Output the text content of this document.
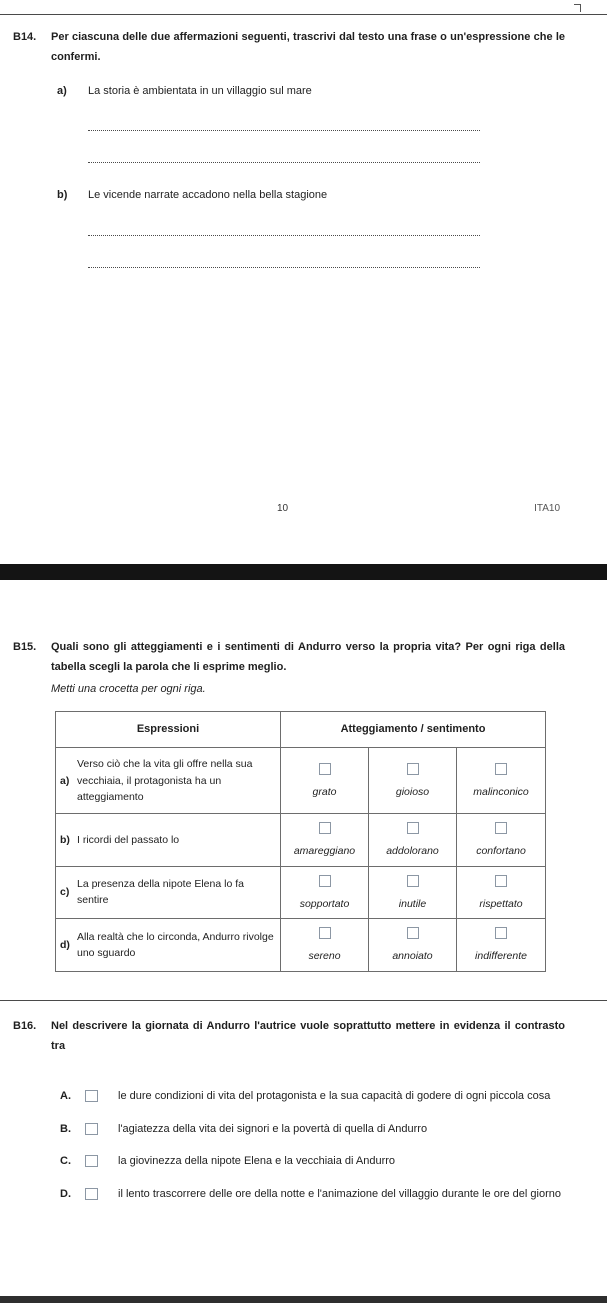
B14.	Per ciascuna delle due affermazioni seguenti, trascrivi dal testo una frase o un'espressione che le confermi.
a)	La storia è ambientata in un villaggio sul mare
b)	Le vicende narrate accadono nella bella stagione
10	ITA10
B15.	Quali sono gli atteggiamenti e i sentimenti di Andurro verso la propria vita? Per ogni riga della tabella scegli la parola che li esprime meglio.
Metti una crocetta per ogni riga.
Espressioni	Atteggiamento / sentimento		

a)
Verso ciò che la vita gli offre nella sua vecchiaia, il protagonista ha un atteggiamento	grato	gioioso	malinconico

b) I ricordi del passato lo	amareggiano	addolorano	confortano

c)
La presenza della nipote Elena lo fa sentire	sopportato	inutile	rispettato

d)
Alla realtà che lo circonda, Andurro rivolge uno sguardo	sereno	annoiato	indifferente
B16.	Nel descrivere la giornata di Andurro l'autrice vuole soprattutto mettere in evidenza il contrasto tra
A.	le dure condizioni di vita del protagonista e la sua capacità di godere di ogni piccola cosa
B.	l'agiatezza della vita dei signori e la povertà di quella di Andurro
C.	la giovinezza della nipote Elena e la vecchiaia di Andurro
D.	il lento trascorrere delle ore della notte e l'animazione del villaggio durante le ore del giorno
